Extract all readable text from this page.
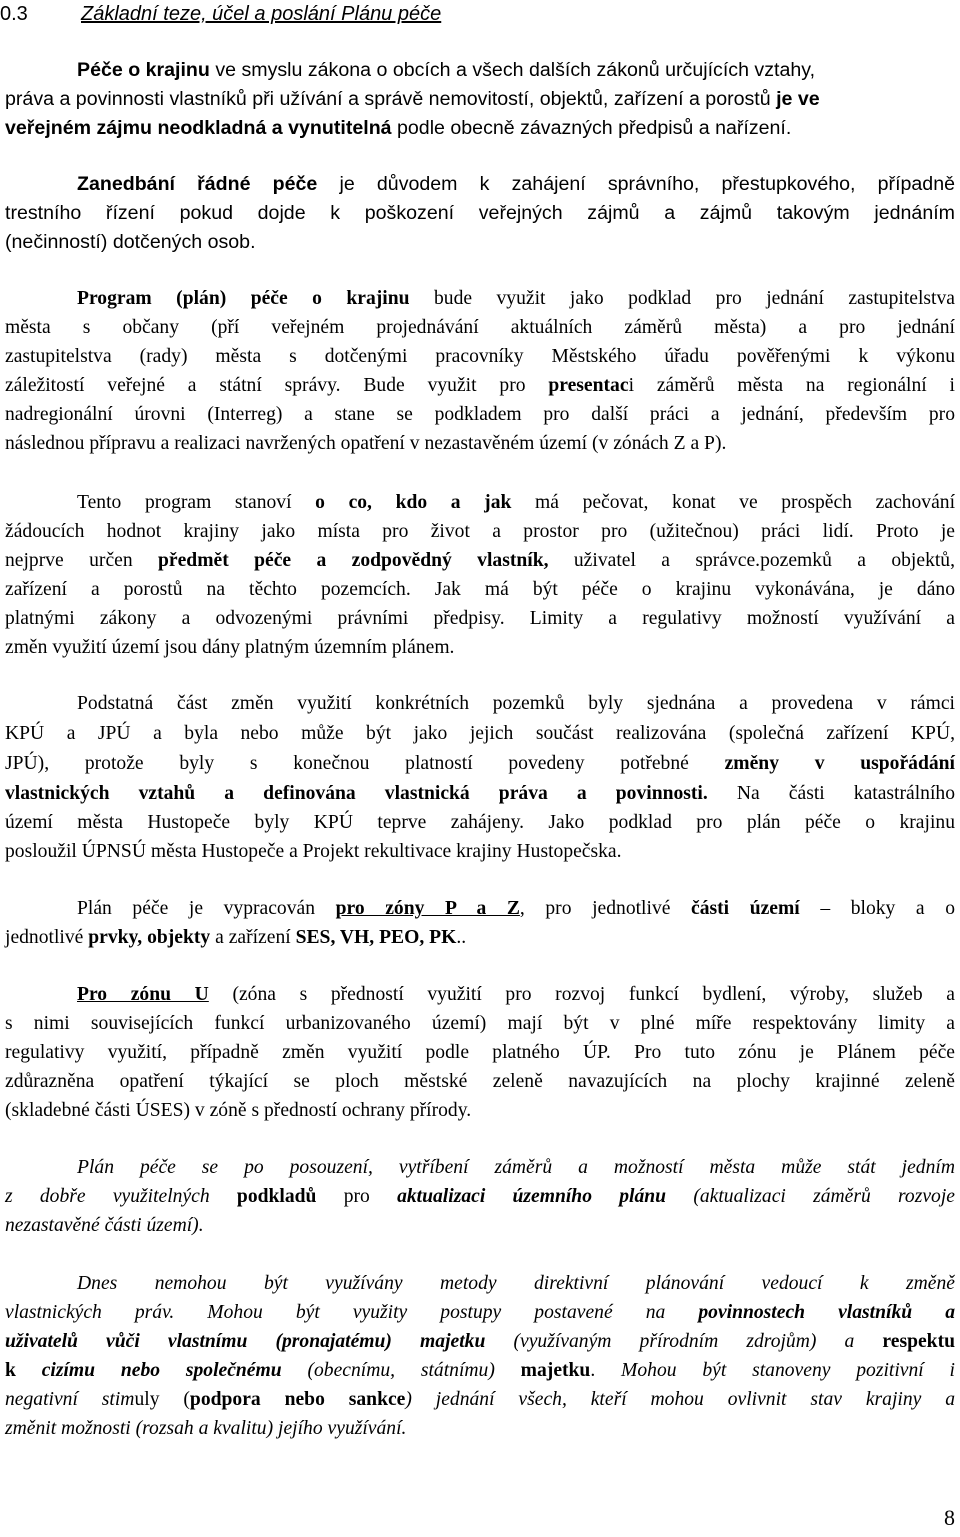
0.3	Základní teze, účel a poslání Plánu péče
Péče o krajinu ve smyslu zákona o obcích a všech dalších zákonů určujících vztahy,
práva a povinnosti vlastníků při užívání a správě nemovitostí, objektů, zařízení a porostů je ve
veřejném zájmu neodkladná a vynutitelná podle obecně závazných předpisů a nařízení.
Zanedbání řádné péče je důvodem k zahájení správního, přestupkového, případně
trestního řízení pokud dojde k poškození veřejných zájmů a zájmů takovým jednáním
(nečinností) dotčených osob.
Program (plán) péče o krajinu bude využit jako podklad pro jednání zastupitelstva
města s občany (pří veřejném projednávání aktuálních záměrů města) a pro jednání
zastupitelstva (rady) města s dotčenými pracovníky Městského úřadu pověřenými k výkonu
záležitostí veřejné a státní správy. Bude využit pro presentaci záměrů města na regionální i
nadregionální úrovni (Interreg) a stane se podkladem pro další práci a jednání, především pro
následnou přípravu a realizaci navržených opatření v nezastavěném území (v zónách Z a P).
Tento program stanoví o co, kdo a jak má pečovat, konat ve prospěch zachování
žádoucích hodnot krajiny jako místa pro život a prostor pro (užitečnou) práci lidí. Proto je
nejprve určen předmět péče a zodpovědný vlastník, uživatel a správce.pozemků a objektů,
zařízení a porostů na těchto pozemcích. Jak má být péče o krajinu vykonávána, je dáno
platnými zákony a odvozenými právními předpisy. Limity a regulativy možností využívání a
změn využití území jsou dány platným územním plánem.
Podstatná část změn využití konkrétních pozemků byly sjednána a provedena v rámci
KPÚ a JPÚ a byla nebo může být jako jejich součást realizována (společná zařízení KPÚ,
JPÚ), protože byly s konečnou platností povedeny potřebné změny v uspořádání
vlastnických vztahů a definována vlastnická práva a povinnosti. Na části katastrálního
území města Hustopeče byly KPÚ teprve zahájeny. Jako podklad pro plán péče o krajinu
posloužil ÚPNSÚ města Hustopeče a Projekt rekultivace krajiny Hustopečska.
Plán péče je vypracován pro zóny P a Z, pro jednotlivé části území – bloky a o
jednotlivé prvky, objekty a zařízení SES, VH, PEO, PK..
Pro zónu U (zóna s předností využití pro rozvoj funkcí bydlení, výroby, služeb a
s nimi souvisejících funkcí urbanizovaného území) mají být v plné míře respektovány limity a
regulativy využití, případně změn využití podle platného ÚP. Pro tuto zónu je Plánem péče
zdůrazněna opatření týkající se ploch městské zeleně navazujících na plochy krajinné zeleně
(skladebné části ÚSES) v zóně s předností ochrany přírody.
Plán péče se po posouzení, vytříbení záměrů a možností města může stát jedním
z dobře využitelných podkladů pro aktualizaci územního plánu (aktualizaci záměrů rozvoje
nezastavěné části území).
Dnes nemohou být využívány metody direktivní plánování vedoucí k změně
vlastnických práv. Mohou být využity postupy postavené na povinnostech vlastníků a
uživatelů vůči vlastnímu (pronajatému) majetku (využívaným přírodním zdrojům) a respektu
k cizímu nebo společnému (obecnímu, státnímu) majetku. Mohou být stanoveny pozitivní i
negativní stimuly (podpora nebo sankce) jednání všech, kteří mohou ovlivnit stav krajiny a
změnit možnosti (rozsah a kvalitu) jejího využívání.
8
